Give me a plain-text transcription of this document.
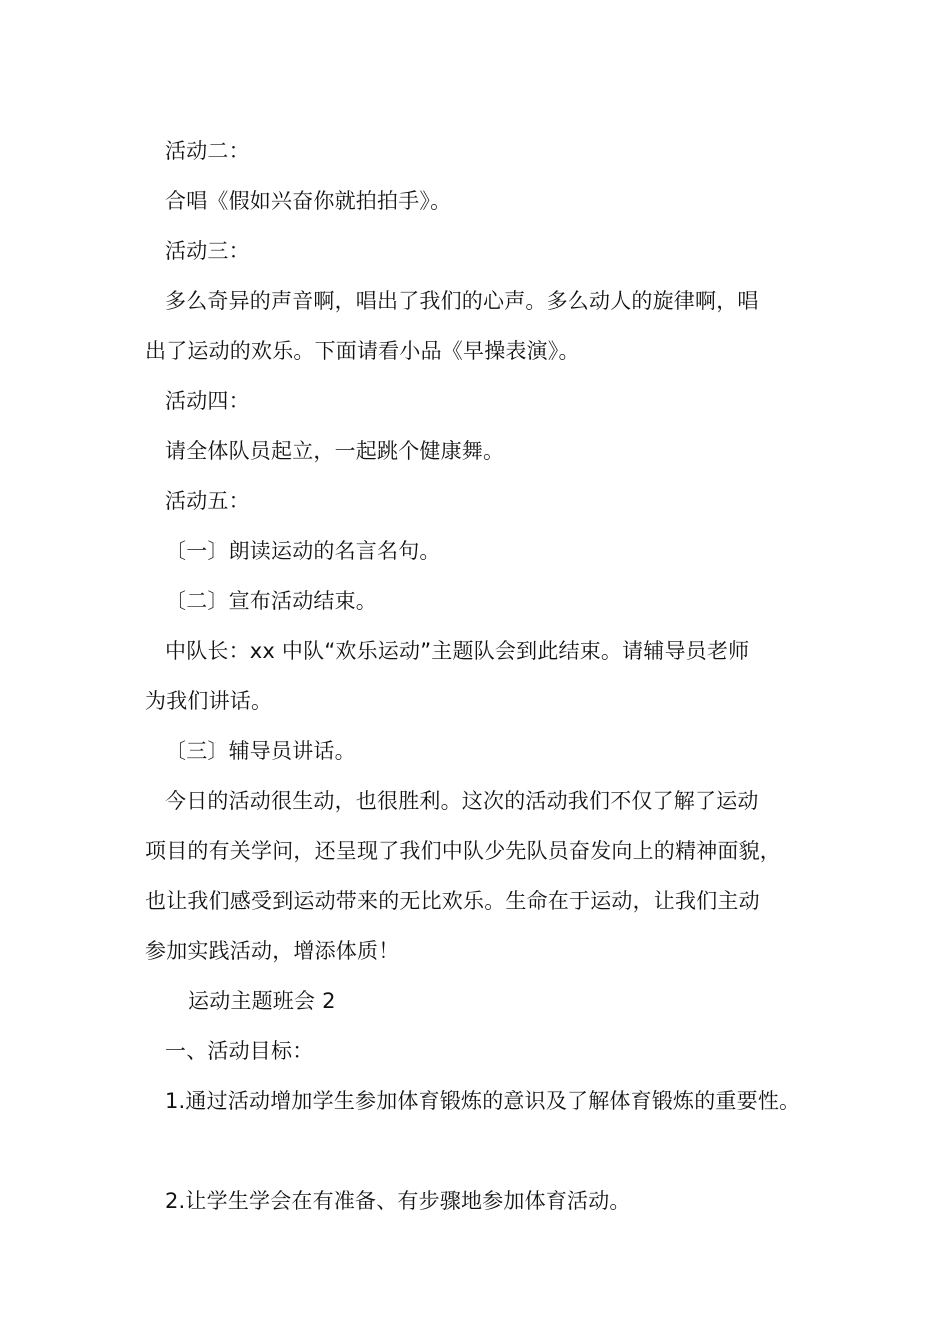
活动二：
合唱《假如兴奋你就拍拍手》。
活动三：
多么奇异的声音啊，唱出了我们的心声。多么动人的旋律啊，唱
出了运动的欢乐。下面请看小品《早操表演》。
活动四：
请全体队员起立，一起跳个健康舞。
活动五：
〔一〕朗读运动的名言名句。
〔二〕宣布活动结束。
中队长：xx 中队“欢乐运动”主题队会到此结束。请辅导员老师
为我们讲话。
〔三〕辅导员讲话。
今日的活动很生动，也很胜利。这次的活动我们不仅了解了运动
项目的有关学问，还呈现了我们中队少先队员奋发向上的精神面貌，
也让我们感受到运动带来的无比欢乐。生命在于运动，让我们主动
参加实践活动，增添体质！
运动主题班会 2
一、活动目标：
1.通过活动增加学生参加体育锻炼的意识及了解体育锻炼的重要性。
2.让学生学会在有准备、有步骤地参加体育活动。
